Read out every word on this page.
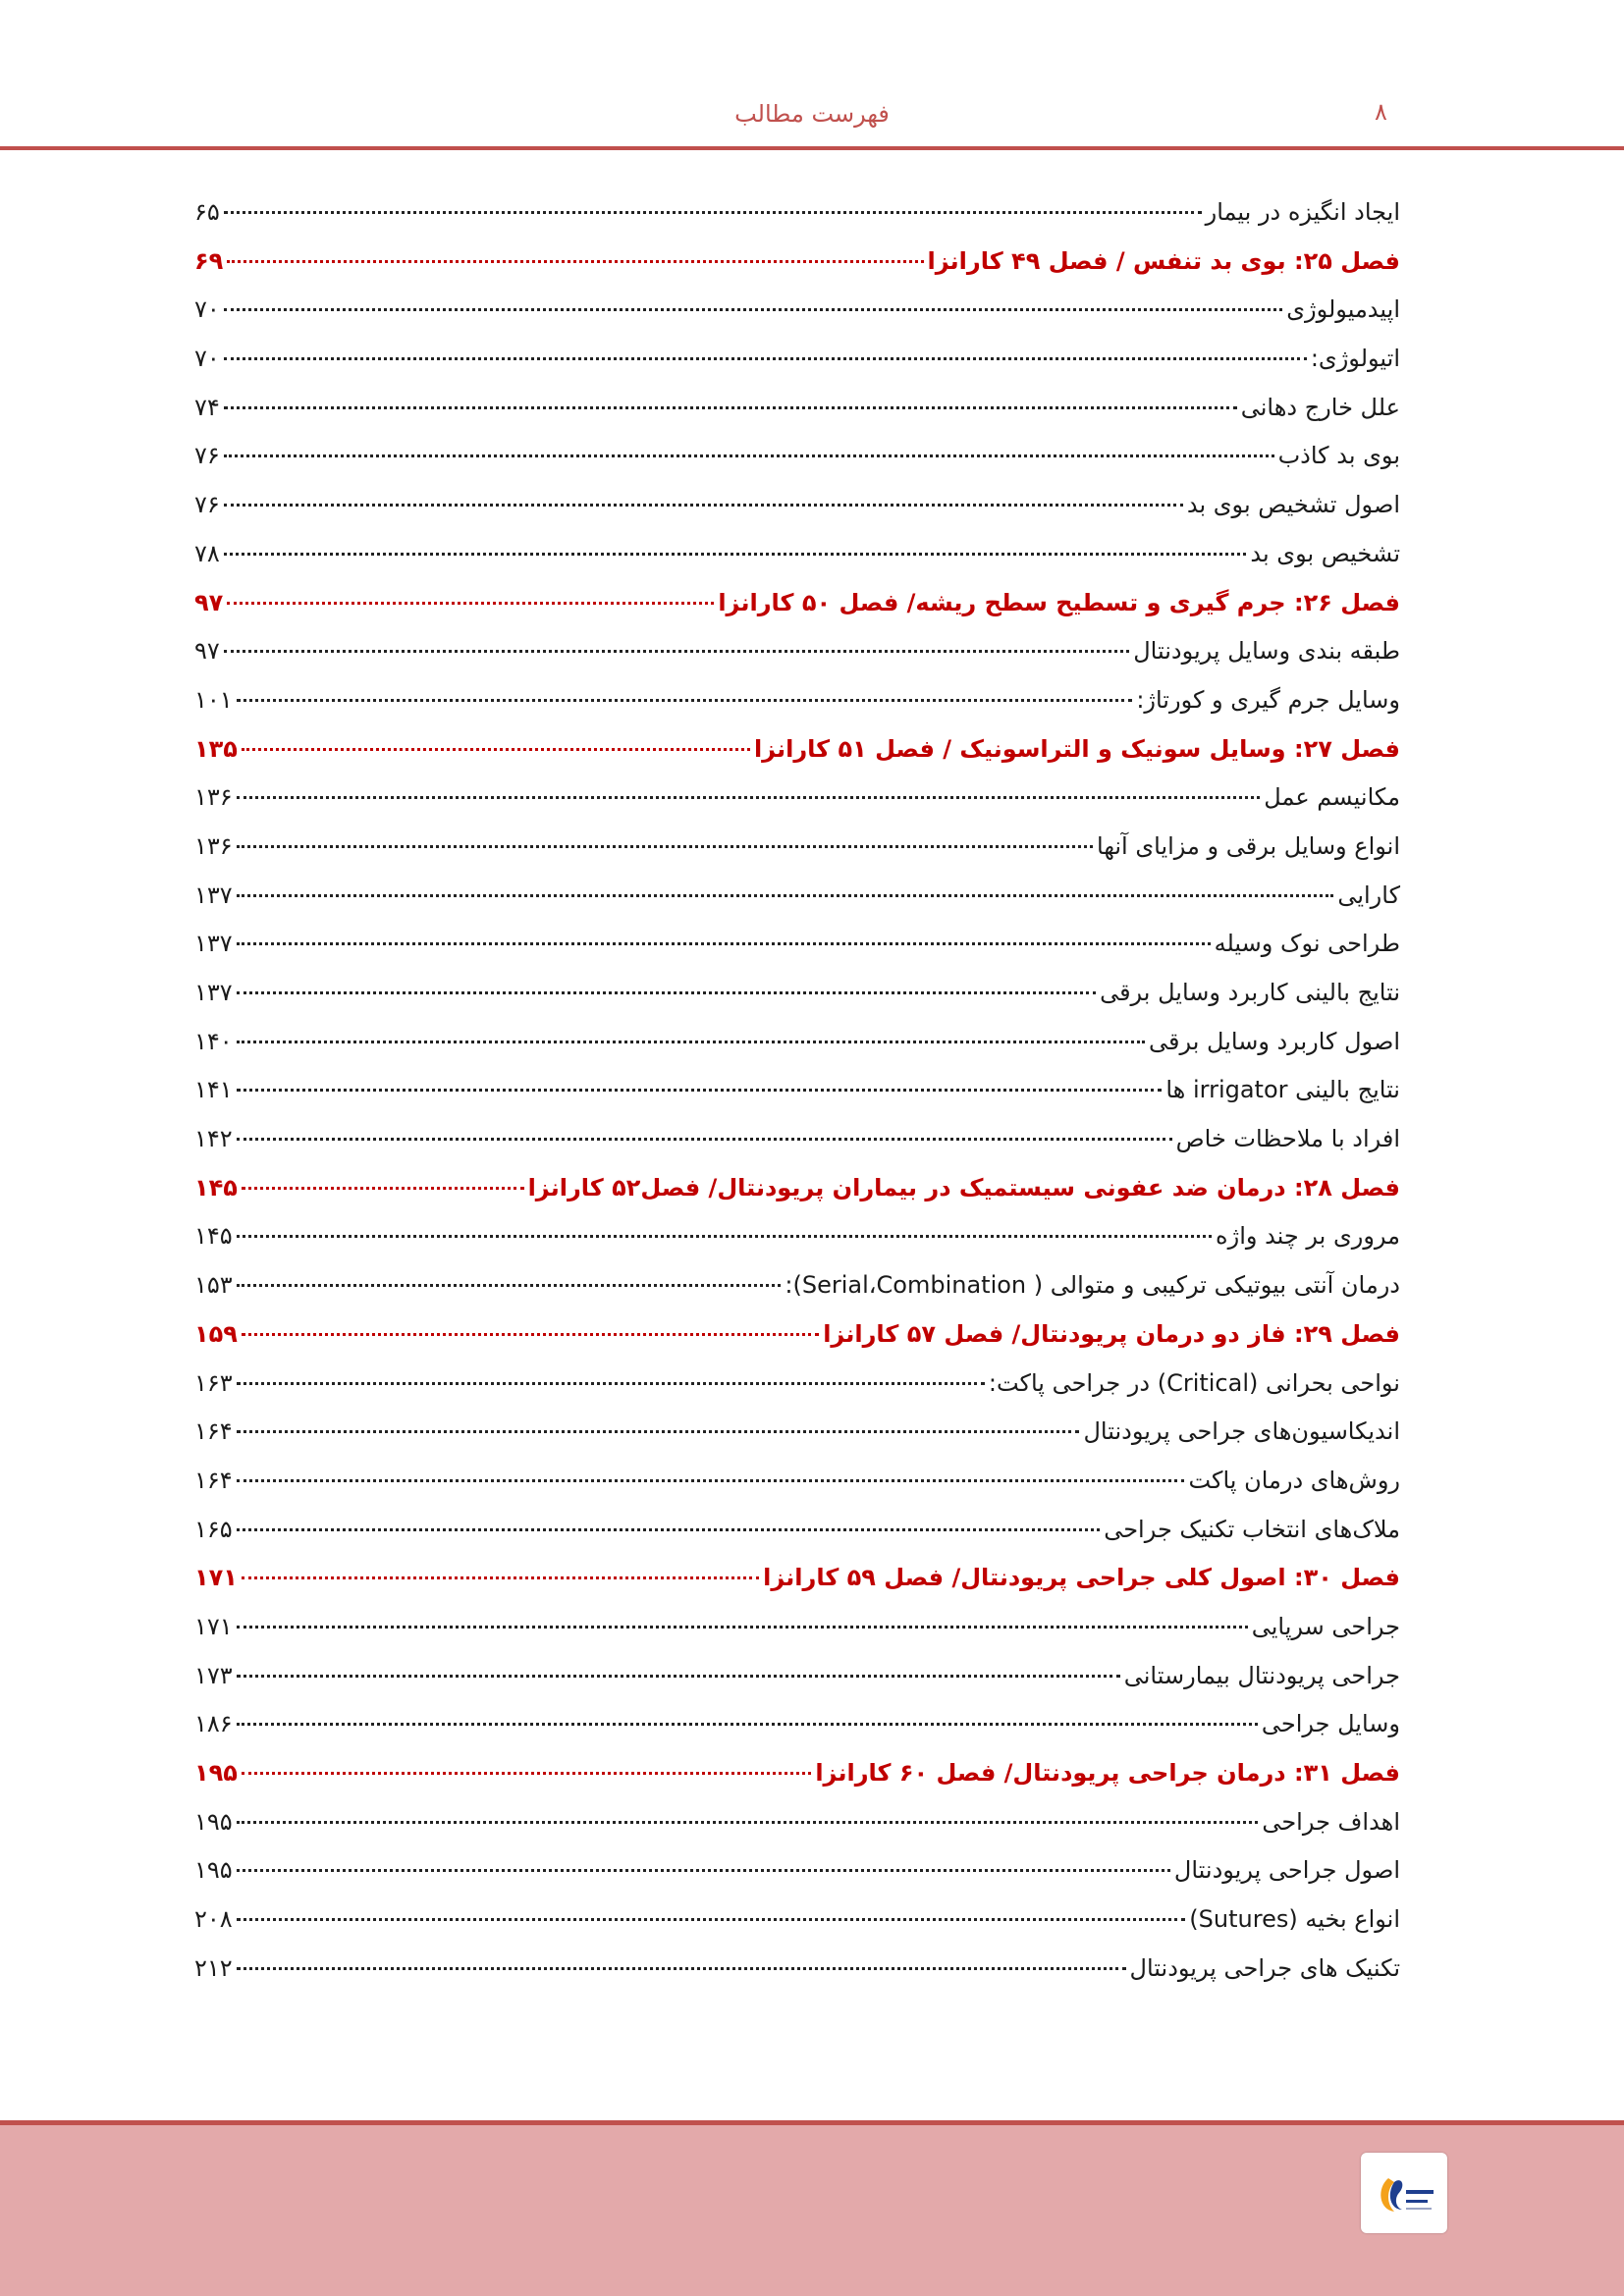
فهرست مطالب	۸
ایجاد انگیزه در بیمار
۶۵
فصل ۲۵: بوی بد تنفس / فصل ۴۹ کارانزا
۶۹
اپیدمیولوژی
۷۰
اتیولوژی:
۷۰
علل خارج دهانی
۷۴
بوی بد کاذب
۷۶
اصول تشخیص بوی بد
۷۶
تشخیص بوی بد
۷۸
فصل ۲۶: جرم گیری و تسطیح سطح ریشه/ فصل ۵۰ کارانزا
۹۷
طبقه بندی وسایل پریودنتال
۹۷
وسایل جرم گیری و کورتاژ:
۱۰۱
فصل ۲۷: وسایل سونیک و التراسونیک / فصل ۵۱ کارانزا
۱۳۵
مکانیسم عمل
۱۳۶
انواع وسایل برقی و مزایای آنها
۱۳۶
کارایی
۱۳۷
طراحی نوک وسیله
۱۳۷
نتایج بالینی کاربرد وسایل برقی
۱۳۷
اصول کاربرد وسایل برقی
۱۴۰
نتایج بالینی irrigator ها
۱۴۱
افراد با ملاحظات خاص
۱۴۲
فصل ۲۸: درمان ضد عفونی سیستمیک در بیماران پریودنتال/ فصل۵۲ کارانزا
۱۴۵
مروری بر چند واژه
۱۴۵
درمان آنتی بیوتیکی ترکیبی و متوالی ( Serial،Combination):
۱۵۳
فصل ۲۹: فاز دو درمان پریودنتال/ فصل ۵۷ کارانزا
۱۵۹
نواحی بحرانی (Critical) در جراحی پاکت:
۱۶۳
اندیکاسیون‌های جراحی پریودنتال
۱۶۴
روش‌های درمان پاکت
۱۶۴
ملاک‌های انتخاب تکنیک جراحی
۱۶۵
فصل ۳۰: اصول کلی جراحی پریودنتال/ فصل ۵۹ کارانزا
۱۷۱
جراحی سرپایی
۱۷۱
جراحی پریودنتال بیمارستانی
۱۷۳
وسایل جراحی
۱۸۶
فصل ۳۱: درمان جراحی پریودنتال/ فصل ۶۰ کارانزا
۱۹۵
اهداف جراحی
۱۹۵
اصول جراحی پریودنتال
۱۹۵
انواع بخیه (Sutures)
۲۰۸
تکنیک های جراحی پریودنتال
۲۱۲
